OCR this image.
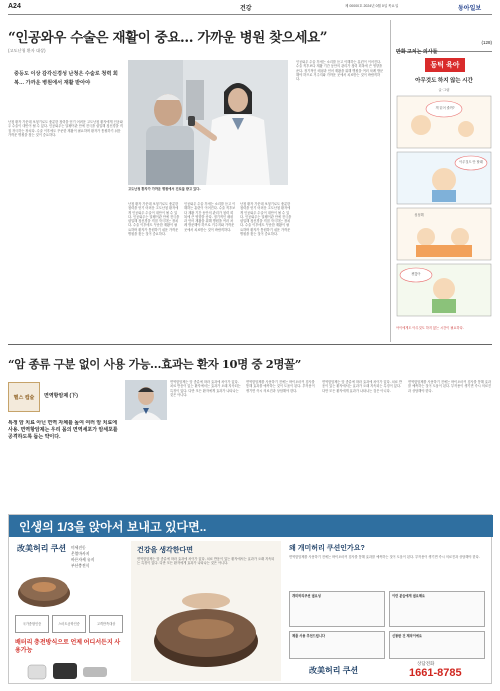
A24	건강	제 00000호 2024년 0월 0일 목요일	동아일보
“인공와우 수술은 재활이 중요… 가까운 병원 찾으세요”
(고도난청 환자 대상)
중등도 이상 감각신경성 난청은 수술로 청력 회복… 가까운 병원에서 재활 받아야
난청 환자 가운데 보청기로도 충분한 청력을 얻기 어려운 고도난청 환자에게 인공와우 수술이 대안이 될 수 있다. 인공와우는 달팽이관 안에 전극을 삽입해 청신경을 직접 자극하는 장치다. 수술 이후에도 꾸준한 재활이 필요하며 환자가 통원하기 쉬운 가까운 병원을 찾는 것이 중요하다.
고도난청 환자가 가까운 병원에서 진료를 받고 있다.
난청 환자 가운데 보청기로도 충분한 청력을 얻기 어려운 고도난청 환자에게 인공와우 수술이 대안이 될 수 있다. 인공와우는 달팽이관 안에 전극을 삽입해 청신경을 직접 자극하는 장치다. 수술 이후에도 꾸준한 재활이 필요하며 환자가 통원하기 쉬운 가까운 병원을 찾는 것이 중요하다.
인공와우 수술 후에는 소리를 듣고 이해하는 훈련이 이어진다. 수술 직후보다 재활 기간 동안의 관리가 청력 회복에 큰 영향을 준다. 정기적인 매핑과 언어 재활을 위해 병원을 여러 차례 방문해야 하므로 거주지와 가까운 곳에서 치료받는 것이 바람직하다.
난청 환자 가운데 보청기로도 충분한 청력을 얻기 어려운 고도난청 환자에게 인공와우 수술이 대안이 될 수 있다. 인공와우는 달팽이관 안에 전극을 삽입해 청신경을 직접 자극하는 장치다. 수술 이후에도 꾸준한 재활이 필요하며 환자가 통원하기 쉬운 가까운 병원을 찾는 것이 중요하다.
인공와우 수술 후에는 소리를 듣고 이해하는 훈련이 이어진다. 수술 직후보다 재활 기간 동안의 관리가 청력 회복에 큰 영향을 준다. 정기적인 매핑과 언어 재활을 위해 병원을 여러 차례 방문해야 하므로 거주지와 가까운 곳에서 치료받는 것이 바람직하다.
만화 고치는 의사들
(128)
동틱 육아
아무것도 하지 않는 시간
글·그림
책 읽어 줄까?
아무것도 안 할래
심심해
괜찮아
아이에게도 아무것도 하지 않는 시간이 필요하다.
“암 종류 구분 없이 사용 가능…효과는 환자 10명 중 2명꼴”
헬스 캡슐	면역항암제 (下)
특정 암 치료 아닌 면역 자체를 높여 여러 암 치료에 사용. 면역항암제는 우리 몸의 면역세포가 암세포를 공격하도록 돕는 약이다.
면역항암제는 암 종류에 따라 효과에 차이가 있다. 치료 반응이 있는 환자에서는 효과가 오래 지속되는 특징이 있다. 다만 모든 환자에게 효과가 나타나는 것은 아니다.
면역항암제를 사용하기 전에는 바이오마커 검사를 통해 효과를 예측하는 것이 도움이 된다. 부작용이 생기면 즉시 의료진과 상담해야 한다.
면역항암제는 암 종류에 따라 효과에 차이가 있다. 치료 반응이 있는 환자에서는 효과가 오래 지속되는 특징이 있다. 다만 모든 환자에게 효과가 나타나는 것은 아니다.
면역항암제를 사용하기 전에는 바이오마커 검사를 통해 효과를 예측하는 것이 도움이 된다. 부작용이 생기면 즉시 의료진과 상담해야 한다.
인생의 1/3을 앉아서 보내고 있다면..
改美허리 쿠션 미세진동
온열마사지
바른자세 유지
부산충전식
국가종합인증	스마트공학인증	고객만족대상
배터리 충전방식으로 언제 어디서든지 사용가능
건강을 생각한다면
면역항암제는 암 종류에 따라 효과에 차이가 있다. 치료 반응이 있는 환자에서는 효과가 오래 지속되는 특징이 있다. 다만 모든 환자에게 효과가 나타나는 것은 아니다.
왜 개미허리 쿠션인가요?
면역항암제를 사용하기 전에는 바이오마커 검사를 통해 효과를 예측하는 것이 도움이 된다. 부작용이 생기면 즉시 의료진과 상담해야 한다.
개미허리쿠션 필요성	이런 분들에게 필요해요
제품 사용 추천드립니다	신통한 건 제작이에요
改美허리 쿠션
상담전화
1661-8785
